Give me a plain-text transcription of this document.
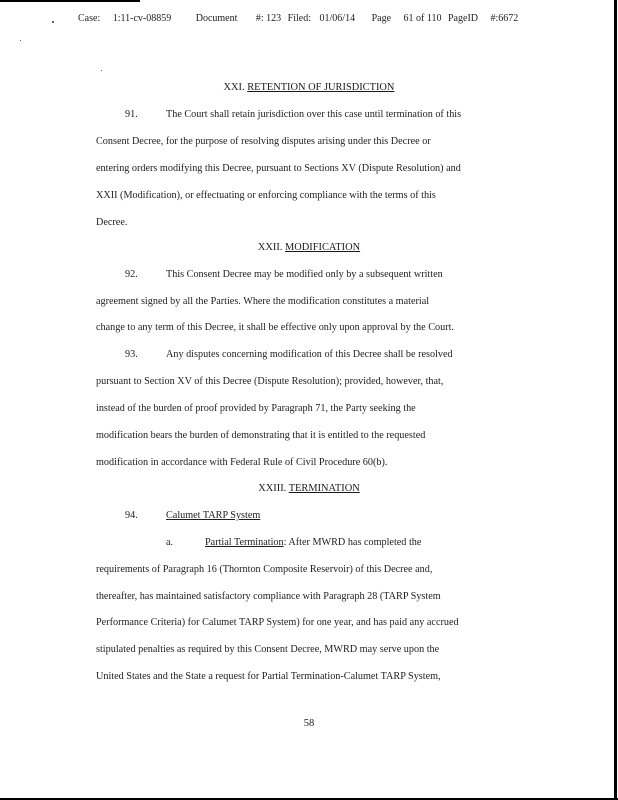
Case: 1:11-cv-08859 Document #: 123 Filed: 01/06/14 Page 61 of 110 PageID #:6672
XXI. RETENTION OF JURISDICTION
91.	The Court shall retain jurisdiction over this case until termination of this
Consent Decree, for the purpose of resolving disputes arising under this Decree or
entering orders modifying this Decree, pursuant to Sections XV (Dispute Resolution) and
XXII (Modification), or effectuating or enforcing compliance with the terms of this
Decree.
XXII. MODIFICATION
92.	This Consent Decree may be modified only by a subsequent written
agreement signed by all the Parties. Where the modification constitutes a material
change to any term of this Decree, it shall be effective only upon approval by the Court.
93.	Any disputes concerning modification of this Decree shall be resolved
pursuant to Section XV of this Decree (Dispute Resolution); provided, however, that,
instead of the burden of proof provided by Paragraph 71, the Party seeking the
modification bears the burden of demonstrating that it is entitled to the requested
modification in accordance with Federal Rule of Civil Procedure 60(b).
XXIII. TERMINATION
94.	Calumet TARP System
a.	Partial Termination: After MWRD has completed the
requirements of Paragraph 16 (Thornton Composite Reservoir) of this Decree and,
thereafter, has maintained satisfactory compliance with Paragraph 28 (TARP System
Performance Criteria) for Calumet TARP System) for one year, and has paid any accrued
stipulated penalties as required by this Consent Decree, MWRD may serve upon the
United States and the State a request for Partial Termination-Calumet TARP System,
58
